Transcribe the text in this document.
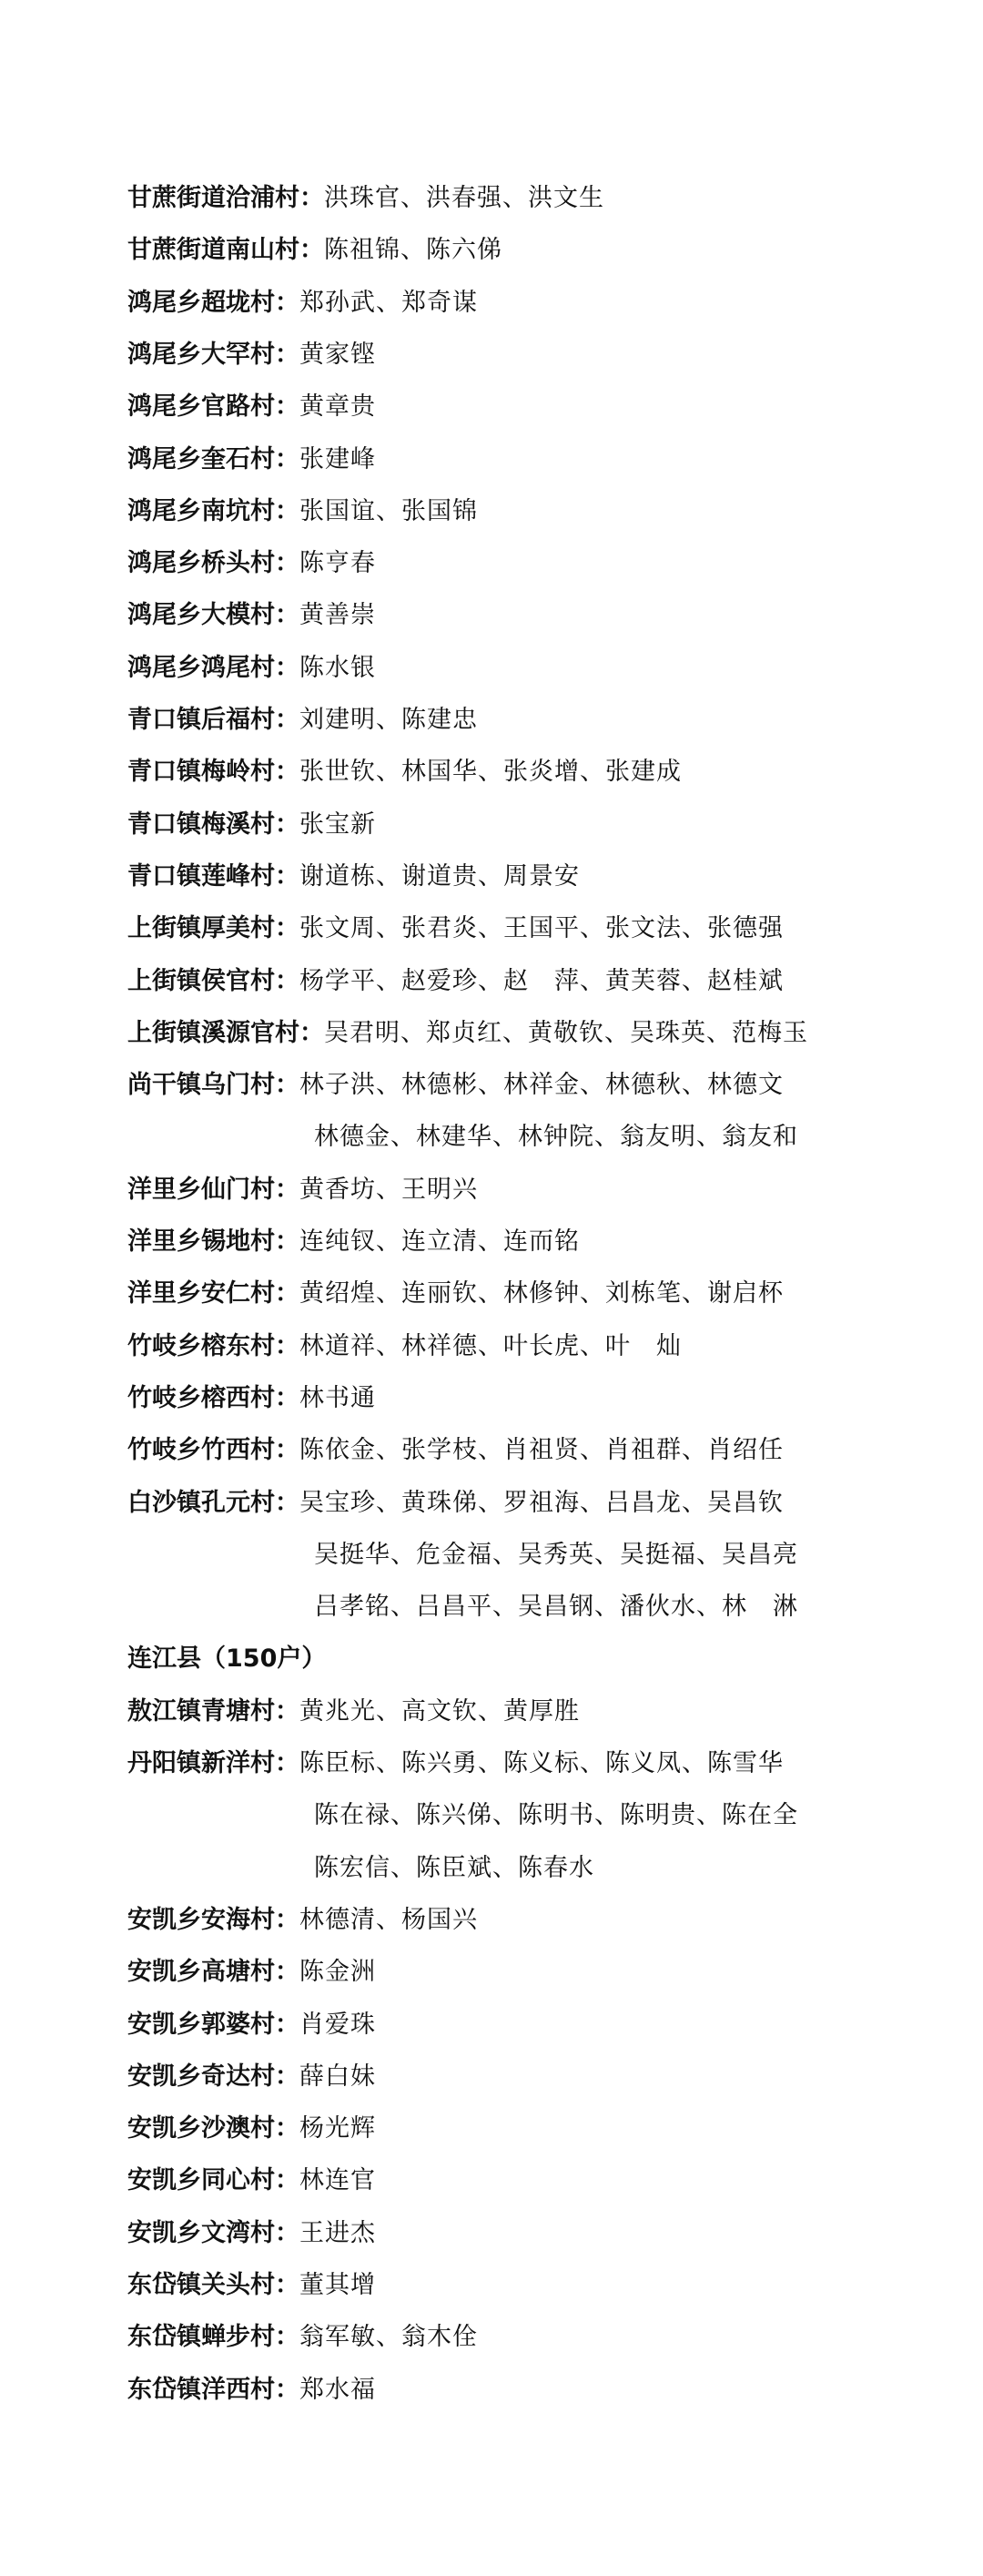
甘蔗街道洽浦村：洪珠官、洪春强、洪文生
甘蔗街道南山村：陈祖锦、陈六俤
鸿尾乡超垅村：郑孙武、郑奇谋
鸿尾乡大罕村：黄家铿
鸿尾乡官路村：黄章贵
鸿尾乡奎石村：张建峰
鸿尾乡南坑村：张国谊、张国锦
鸿尾乡桥头村：陈亨春
鸿尾乡大模村：黄善崇
鸿尾乡鸿尾村：陈水银
青口镇后福村：刘建明、陈建忠
青口镇梅岭村：张世钦、林国华、张炎增、张建成
青口镇梅溪村：张宝新
青口镇莲峰村：谢道栋、谢道贵、周景安
上街镇厚美村：张文周、张君炎、王国平、张文法、张德强
上街镇侯官村：杨学平、赵爱珍、赵　萍、黄芙蓉、赵桂斌
上街镇溪源官村：吴君明、郑贞红、黄敬钦、吴珠英、范梅玉
尚干镇乌门村：林子洪、林德彬、林祥金、林德秋、林德文
林德金、林建华、林钟院、翁友明、翁友和
洋里乡仙门村：黄香坊、王明兴
洋里乡锡地村：连纯钗、连立清、连而铭
洋里乡安仁村：黄绍煌、连丽钦、林修钟、刘栋笔、谢启杯
竹岐乡榕东村：林道祥、林祥德、叶长虎、叶　灿
竹岐乡榕西村：林书通
竹岐乡竹西村：陈依金、张学枝、肖祖贤、肖祖群、肖绍任
白沙镇孔元村：吴宝珍、黄珠俤、罗祖海、吕昌龙、吴昌钦
吴挺华、危金福、吴秀英、吴挺福、吴昌亮
吕孝铭、吕昌平、吴昌钢、潘伙水、林　淋
连江县（150户）
敖江镇青塘村：黄兆光、高文钦、黄厚胜
丹阳镇新洋村：陈臣标、陈兴勇、陈义标、陈义凤、陈雪华
陈在禄、陈兴俤、陈明书、陈明贵、陈在全
陈宏信、陈臣斌、陈春水
安凯乡安海村：林德清、杨国兴
安凯乡高塘村：陈金洲
安凯乡郭婆村：肖爱珠
安凯乡奇达村：薛白妹
安凯乡沙澳村：杨光辉
安凯乡同心村：林连官
安凯乡文湾村：王进杰
东岱镇关头村：董其增
东岱镇蝉步村：翁军敏、翁木佺
东岱镇洋西村：郑水福
